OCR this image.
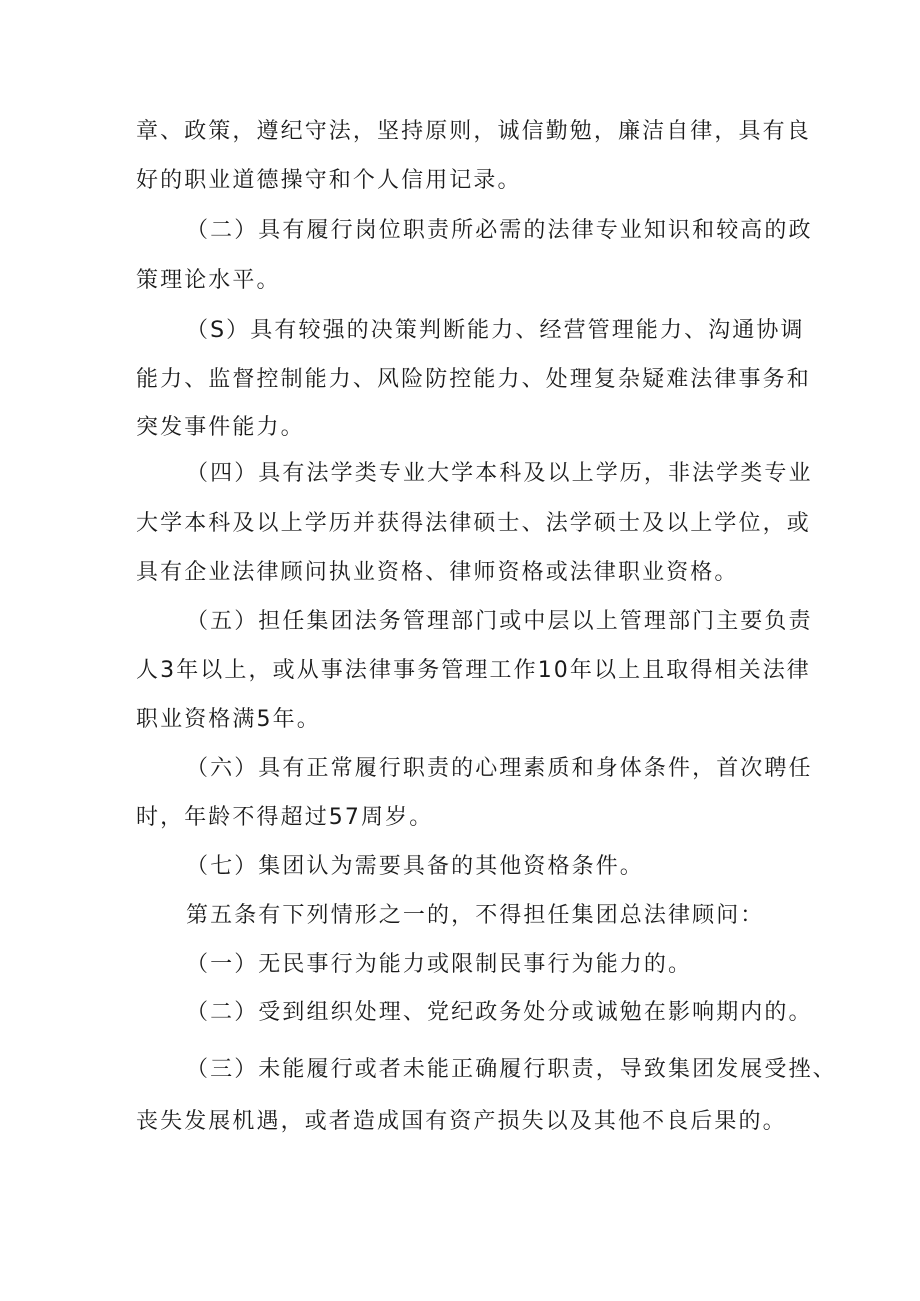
章、政策，遵纪守法，坚持原则，诚信勤勉，廉洁自律，具有良
好的职业道德操守和个人信用记录。
（二）具有履行岗位职责所必需的法律专业知识和较高的政
策理论水平。
（S）具有较强的决策判断能力、经营管理能力、沟通协调
能力、监督控制能力、风险防控能力、处理复杂疑难法律事务和
突发事件能力。
（四）具有法学类专业大学本科及以上学历，非法学类专业
大学本科及以上学历并获得法律硕士、法学硕士及以上学位，或
具有企业法律顾问执业资格、律师资格或法律职业资格。
（五）担任集团法务管理部门或中层以上管理部门主要负责
人3年以上，或从事法律事务管理工作10年以上且取得相关法律
职业资格满5年。
（六）具有正常履行职责的心理素质和身体条件，首次聘任
时，年龄不得超过57周岁。
（七）集团认为需要具备的其他资格条件。
第五条有下列情形之一的，不得担任集团总法律顾问：
（一）无民事行为能力或限制民事行为能力的。
（二）受到组织处理、党纪政务处分或诚勉在影响期内的。
（三）未能履行或者未能正确履行职责，导致集团发展受挫、
丧失发展机遇，或者造成国有资产损失以及其他不良后果的。
